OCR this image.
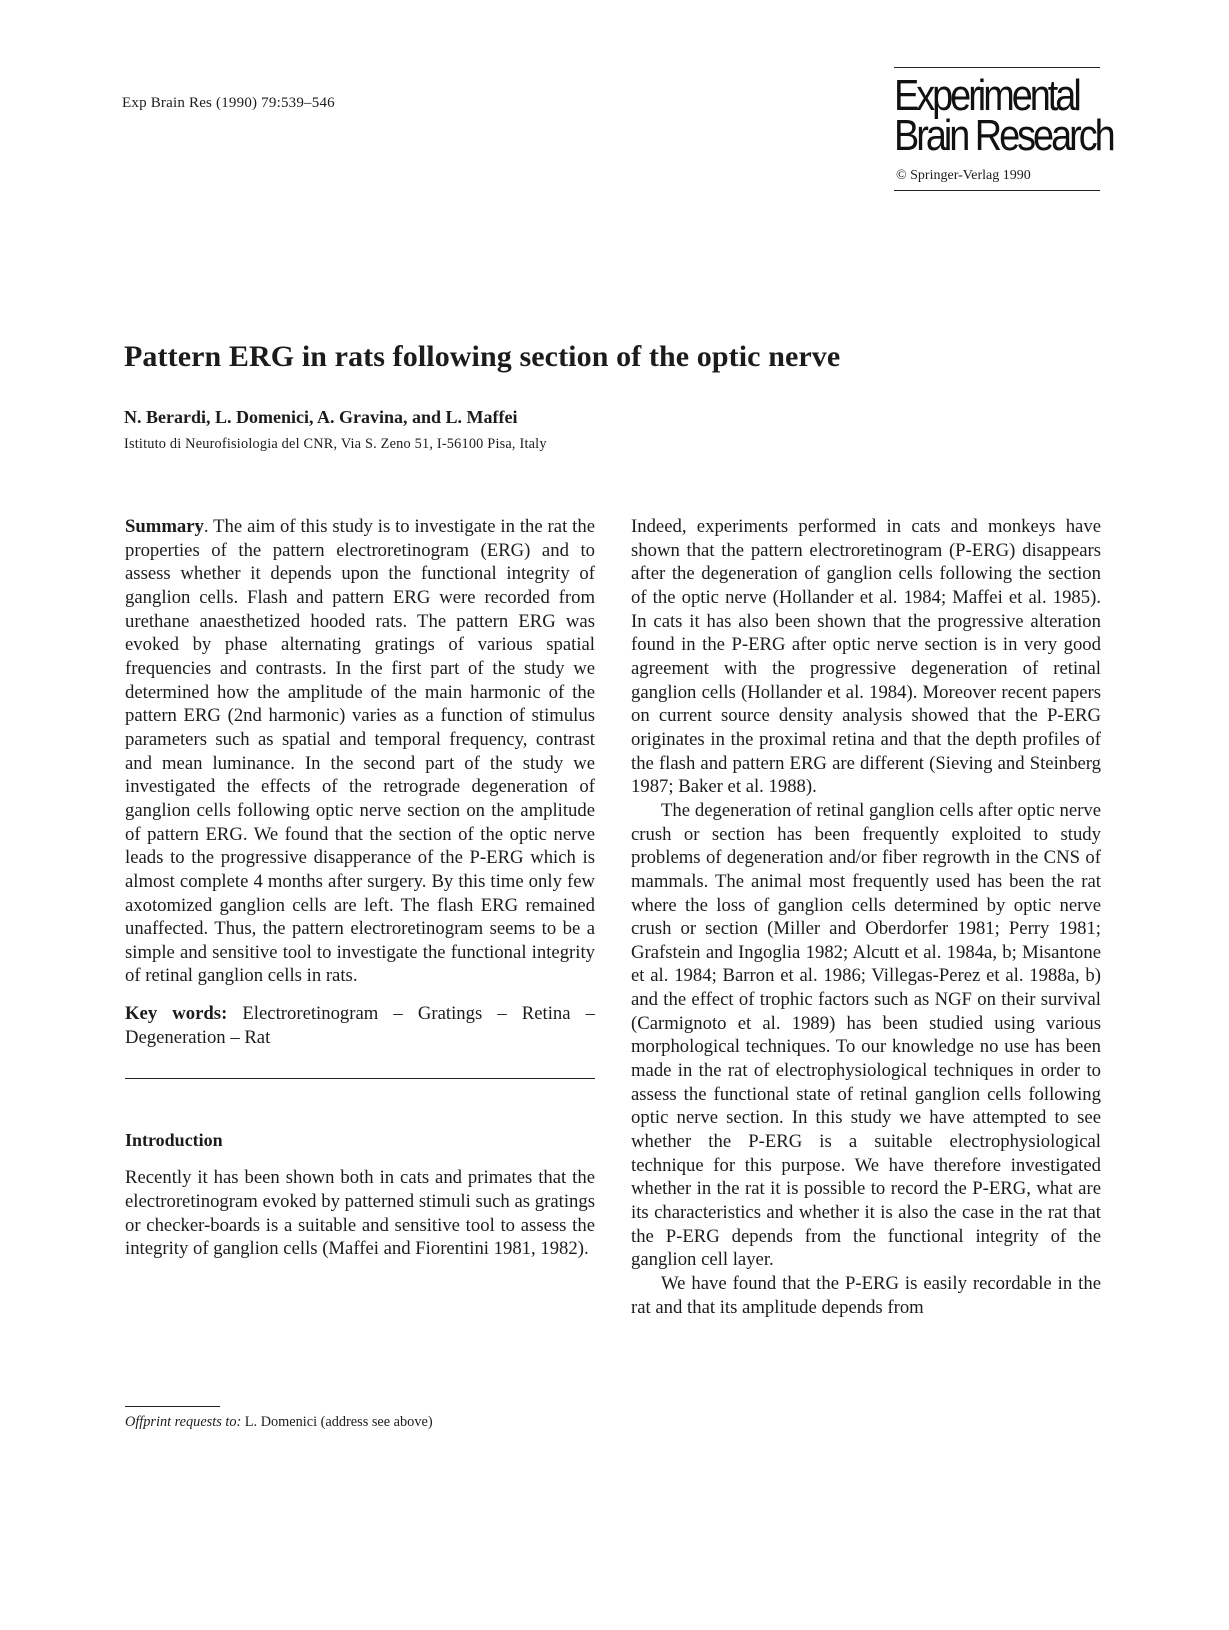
Exp Brain Res (1990) 79:539–546	Experimental
Brain Research
© Springer-Verlag 1990
Pattern ERG in rats following section of the optic nerve
N. Berardi, L. Domenici, A. Gravina, and L. Maffei
Istituto di Neurofisiologia del CNR, Via S. Zeno 51, I-56100 Pisa, Italy

Summary. The aim of this study is to investigate in the rat the properties of the pattern electroretinogram (ERG) and to assess whether it depends upon the functional integrity of ganglion cells. Flash and pattern ERG were recorded from urethane anaesthetized hooded rats. The pattern ERG was evoked by phase alternating gratings of various spatial frequencies and contrasts. In the first part of the study we determined how the amplitude of the main harmonic of the pattern ERG (2nd harmonic) varies as a function of stimulus parameters such as spatial and temporal frequency, contrast and mean luminance. In the second part of the study we investigated the effects of the retrograde degeneration of ganglion cells following optic nerve section on the amplitude of pattern ERG. We found that the section of the optic nerve leads to the progressive disapperance of the P-ERG which is almost complete 4 months after surgery. By this time only few axotomized ganglion cells are left. The flash ERG remained unaffected. Thus, the pattern electroretinogram seems to be a simple and sensitive tool to investigate the functional integrity of retinal ganglion cells in rats.

Key words: Electroretinogram – Gratings – Retina – Degeneration – Rat

Introduction

Recently it has been shown both in cats and primates that the electroretinogram evoked by patterned stimuli such as gratings or checker-boards is a suitable and sensitive tool to assess the integrity of ganglion cells (Maffei and Fiorentini 1981, 1982).

Indeed, experiments performed in cats and monkeys have shown that the pattern electroretinogram (P-ERG) disappears after the degeneration of ganglion cells following the section of the optic nerve (Hollander et al. 1984; Maffei et al. 1985). In cats it has also been shown that the progressive alteration found in the P-ERG after optic nerve section is in very good agreement with the progressive degeneration of retinal ganglion cells (Hollander et al. 1984). Moreover recent papers on current source density analysis showed that the P-ERG originates in the proximal retina and that the depth profiles of the flash and pattern ERG are different (Sieving and Steinberg 1987; Baker et al. 1988).

The degeneration of retinal ganglion cells after optic nerve crush or section has been frequently exploited to study problems of degeneration and/or fiber regrowth in the CNS of mammals. The animal most frequently used has been the rat where the loss of ganglion cells determined by optic nerve crush or section (Miller and Oberdorfer 1981; Perry 1981; Grafstein and Ingoglia 1982; Alcutt et al. 1984a, b; Misantone et al. 1984; Barron et al. 1986; Villegas-Perez et al. 1988a, b) and the effect of trophic factors such as NGF on their survival (Carmignoto et al. 1989) has been studied using various morphological techniques. To our knowledge no use has been made in the rat of electrophysiological techniques in order to assess the functional state of retinal ganglion cells following optic nerve section. In this study we have attempted to see whether the P-ERG is a suitable electrophysiological technique for this purpose. We have therefore investigated whether in the rat it is possible to record the P-ERG, what are its characteristics and whether it is also the case in the rat that the P-ERG depends from the functional integrity of the ganglion cell layer.

We have found that the P-ERG is easily recordable in the rat and that its amplitude depends from

Offprint requests to: L. Domenici (address see above)
